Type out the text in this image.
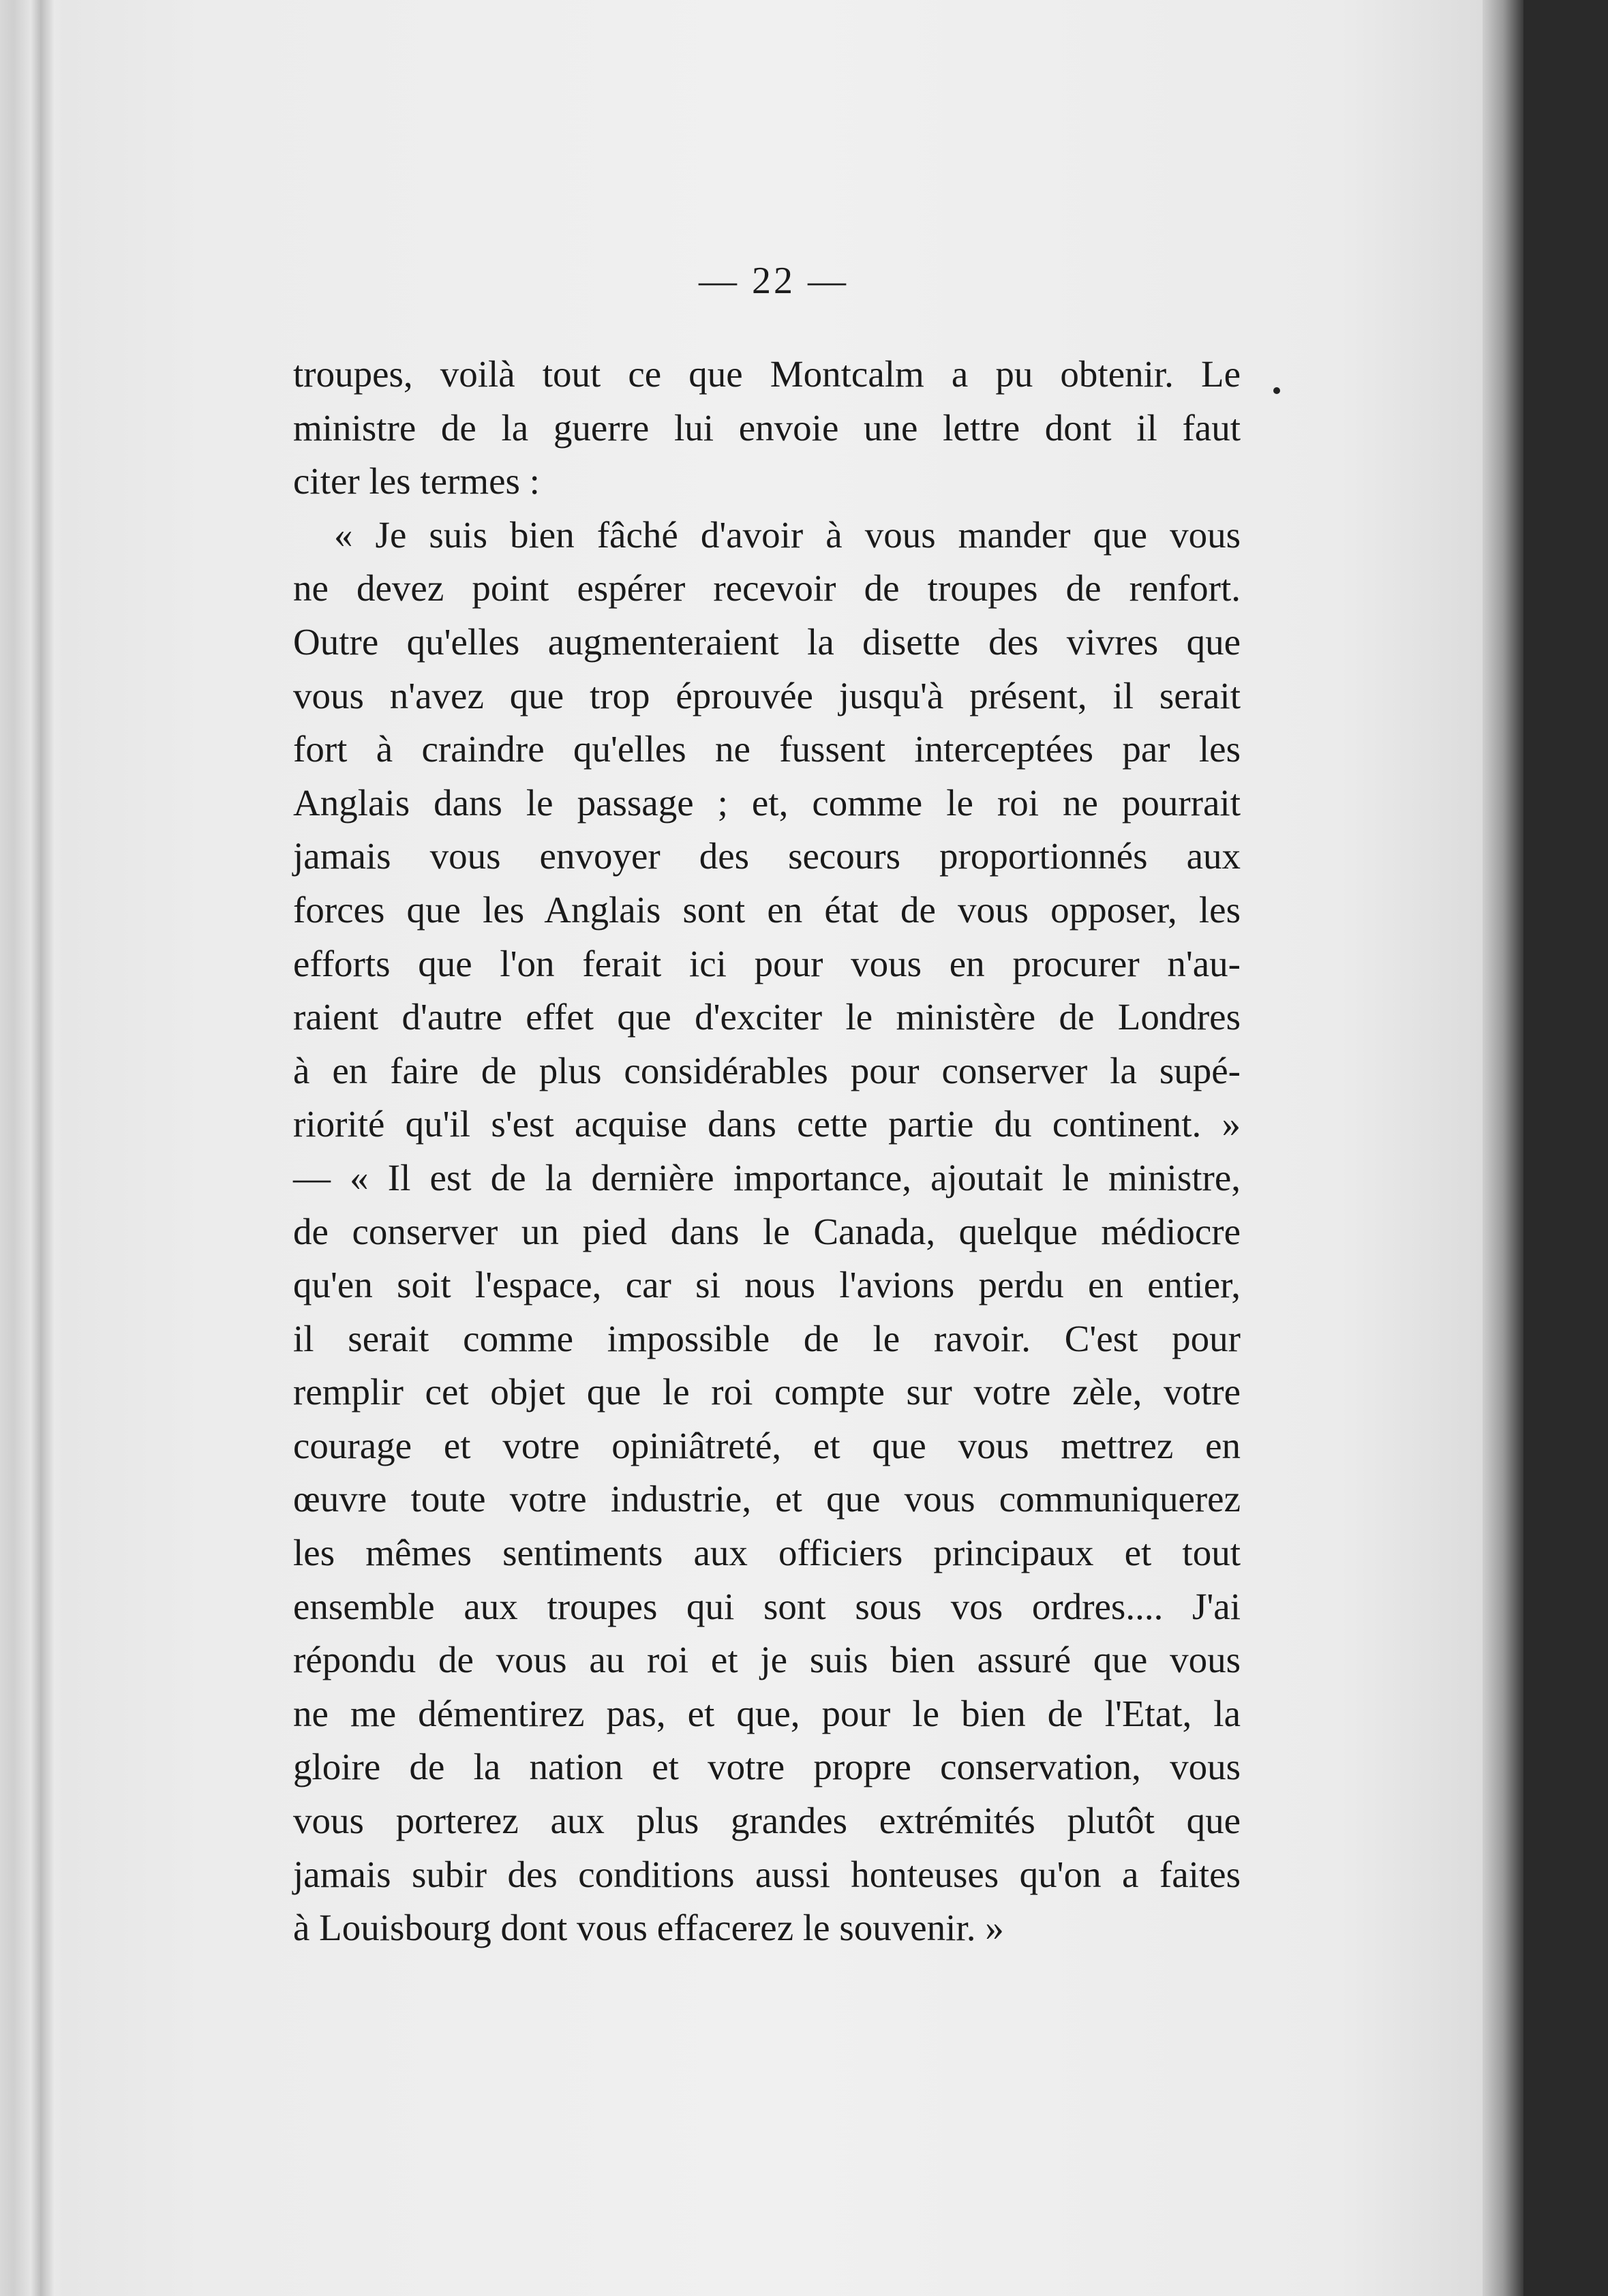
— 22 —
troupes, voilà tout ce que Montcalm a pu obtenir. Le
ministre de la guerre lui envoie une lettre dont il faut
citer les termes :
« Je suis bien fâché d'avoir à vous mander que vous
ne devez point espérer recevoir de troupes de renfort.
Outre qu'elles augmenteraient la disette des vivres que
vous n'avez que trop éprouvée jusqu'à présent, il serait
fort à craindre qu'elles ne fussent interceptées par les
Anglais dans le passage ; et, comme le roi ne pourrait
jamais vous envoyer des secours proportionnés aux
forces que les Anglais sont en état de vous opposer, les
efforts que l'on ferait ici pour vous en procurer n'au-
raient d'autre effet que d'exciter le ministère de Londres
à en faire de plus considérables pour conserver la supé-
riorité qu'il s'est acquise dans cette partie du continent. »
— « Il est de la dernière importance, ajoutait le ministre,
de conserver un pied dans le Canada, quelque médiocre
qu'en soit l'espace, car si nous l'avions perdu en entier,
il serait comme impossible de le ravoir. C'est pour
remplir cet objet que le roi compte sur votre zèle, votre
courage et votre opiniâtreté, et que vous mettrez en
œuvre toute votre industrie, et que vous communiquerez
les mêmes sentiments aux officiers principaux et tout
ensemble aux troupes qui sont sous vos ordres.... J'ai
répondu de vous au roi et je suis bien assuré que vous
ne me démentirez pas, et que, pour le bien de l'Etat, la
gloire de la nation et votre propre conservation, vous
vous porterez aux plus grandes extrémités plutôt que
jamais subir des conditions aussi honteuses qu'on a faites
à Louisbourg dont vous effacerez le souvenir. »
